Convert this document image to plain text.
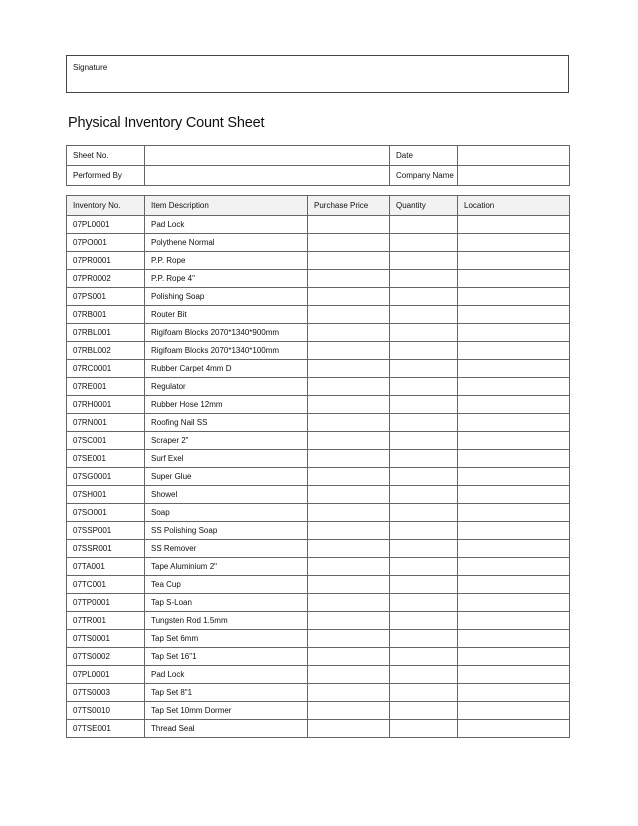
Signature
Physical Inventory Count Sheet
Sheet No.		Date	
Performed By		Company Name	
Inventory No.	Item Description	Purchase Price	Quantity	Location
07PL0001	Pad Lock			
07PO001	Polythene Normal			
07PR0001	P.P. Rope			
07PR0002	P.P. Rope 4"			
07PS001	Polishing Soap			
07RB001	Router Bit			
07RBL001	Rigifoam Blocks 2070*1340*900mm			
07RBL002	Rigifoam Blocks 2070*1340*100mm			
07RC0001	Rubber Carpet 4mm D			
07RE001	Regulator			
07RH0001	Rubber Hose 12mm			
07RN001	Roofing Nail SS			
07SC001	Scraper 2"			
07SE001	Surf Exel			
07SG0001	Super Glue			
07SH001	Showel			
07SO001	Soap			
07SSP001	SS Polishing Soap			
07SSR001	SS Remover			
07TA001	Tape Aluminium 2"			
07TC001	Tea Cup			
07TP0001	Tap S-Loan			
07TR001	Tungsten Rod 1.5mm			
07TS0001	Tap Set 6mm			
07TS0002	Tap Set 16"1			
07PL0001	Pad Lock			
07TS0003	Tap Set 8"1			
07TS0010	Tap Set 10mm Dormer			
07TSE001	Thread Seal			
